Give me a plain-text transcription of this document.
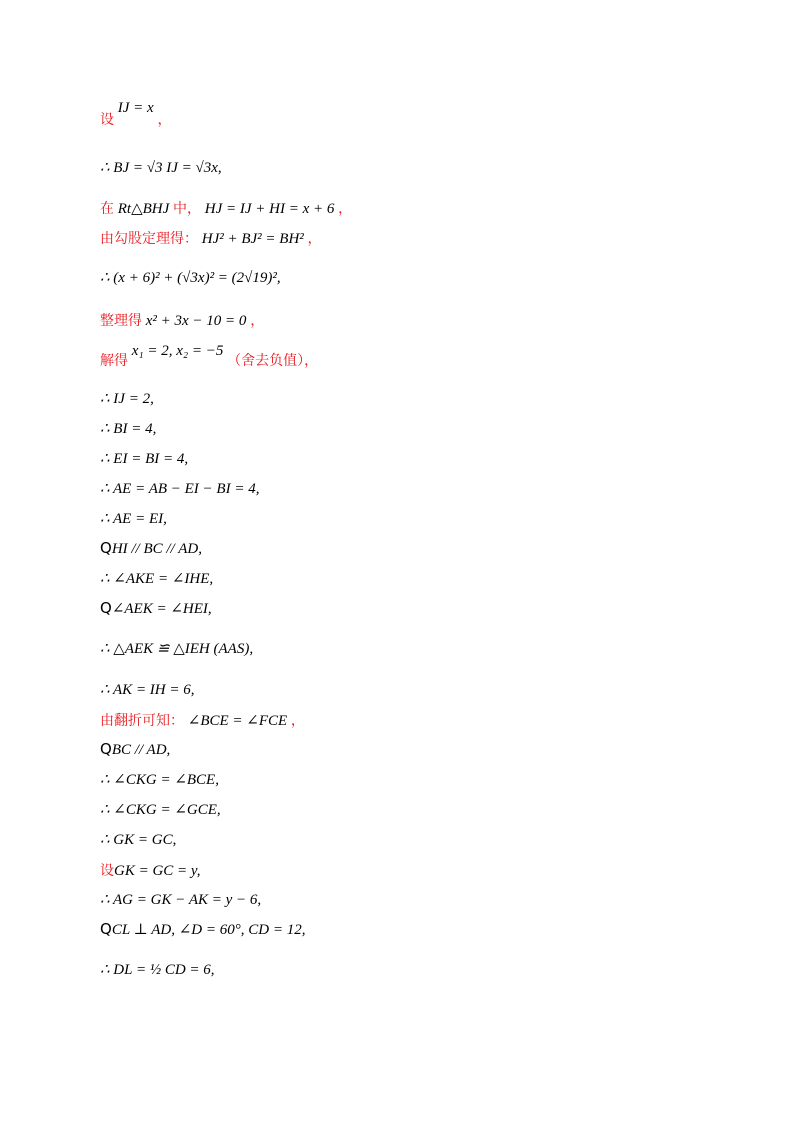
设 IJ = x ，
∴ BJ = √3 IJ = √3x,
在 Rt△BHJ 中， HJ = IJ + HI = x + 6 ，
由勾股定理得： HJ² + BJ² = BH² ，
∴ (x + 6)² + (√3x)² = (2√19)²,
整理得 x² + 3x − 10 = 0 ，
解得 x₁ = 2, x₂ = −5 （舍去负值），
∴ IJ = 2,
∴ BI = 4,
∴ EI = BI = 4,
∴ AE = AB − EI − BI = 4,
∴ AE = EI,
QHI // BC // AD,
∴ ∠AKE = ∠IHE,
Q∠AEK = ∠HEI,
∴ △AEK ≌ △IEH (AAS),
∴ AK = IH = 6,
由翻折可知： ∠BCE = ∠FCE ，
QBC // AD,
∴ ∠CKG = ∠BCE,
∴ ∠CKG = ∠GCE,
∴ GK = GC,
设GK = GC = y,
∴ AG = GK − AK = y − 6,
QCL ⊥ AD, ∠D = 60°, CD = 12,
∴ DL = ½ CD = 6,
